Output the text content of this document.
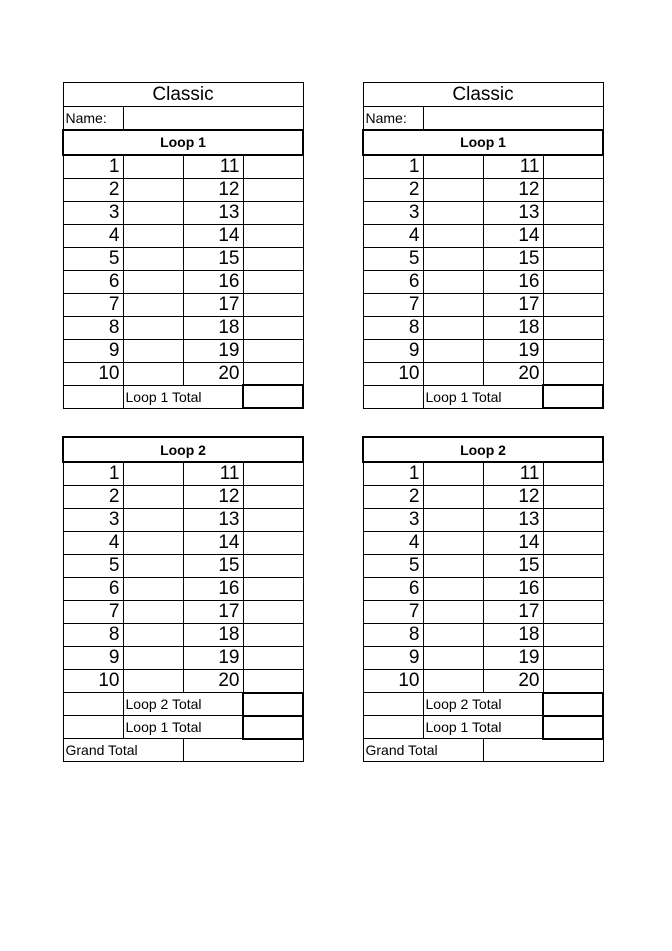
Classic			
Name:			
Loop 1			
1		11	
2		12	
3		13	
4		14	
5		15	
6		16	
7		17	
8		18	
9		19	
10		20	
	Loop 1 Total		
Loop 2			
1		11	
2		12	
3		13	
4		14	
5		15	
6		16	
7		17	
8		18	
9		19	
10		20	
	Loop 2 Total		
	Loop 1 Total		
Grand Total			
Classic			
Name:			
Loop 1			
1		11	
2		12	
3		13	
4		14	
5		15	
6		16	
7		17	
8		18	
9		19	
10		20	
	Loop 1 Total		
Loop 2			
1		11	
2		12	
3		13	
4		14	
5		15	
6		16	
7		17	
8		18	
9		19	
10		20	
	Loop 2 Total		
	Loop 1 Total		
Grand Total			
